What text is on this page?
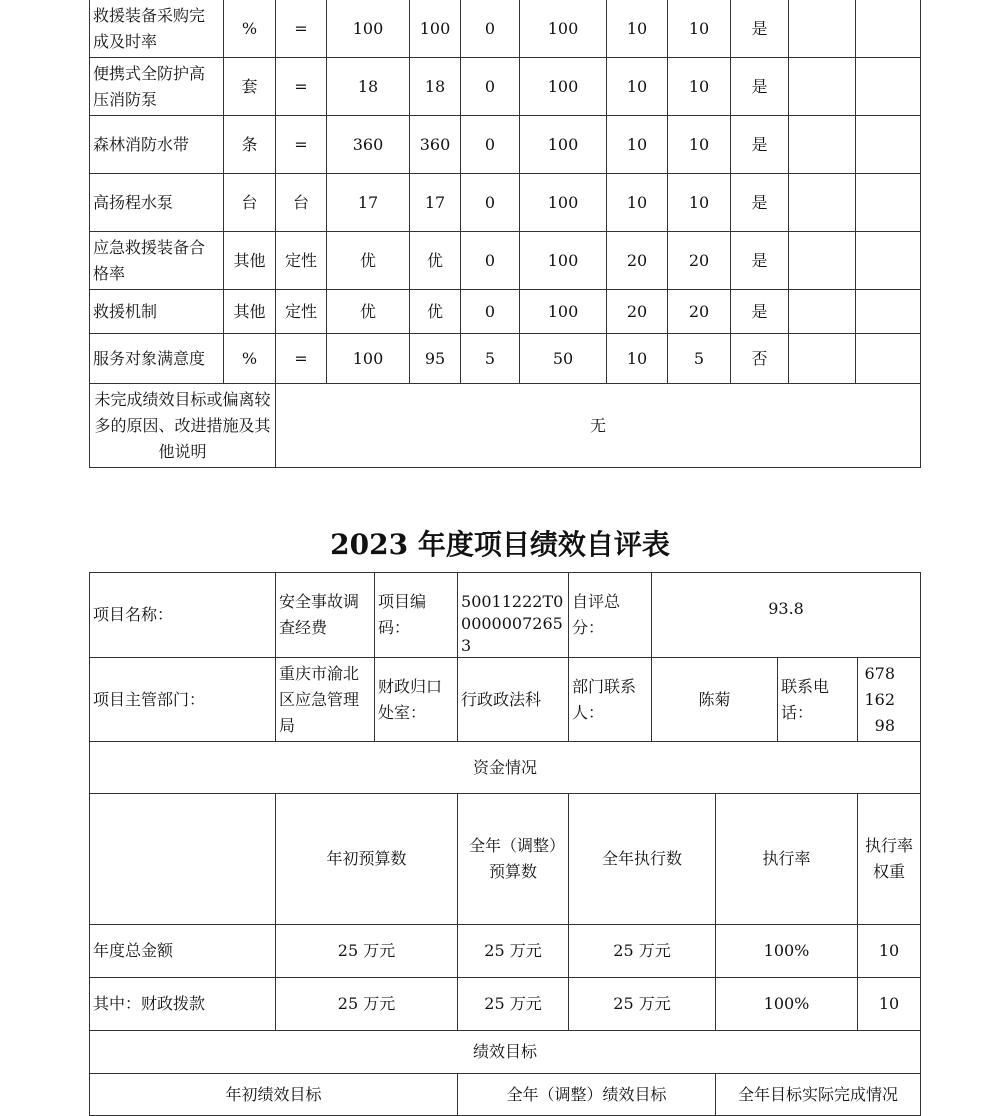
救援装备采购完成及时率	%	=	100	100	0	100	10	10	是		
便携式全防护高压消防泵	套	=	18	18	0	100	10	10	是		
森林消防水带	条	=	360	360	0	100	10	10	是		
高扬程水泵	台	台	17	17	0	100	10	10	是		
应急救援装备合格率	其他	定性	优	优	0	100	20	20	是		
救援机制	其他	定性	优	优	0	100	20	20	是		
服务对象满意度	%	=	100	95	5	50	10	5	否		
未完成绩效目标或偏离较多的原因、改进措施及其他说明		无									
2023 年度项目绩效自评表
项目名称：	安全事故调查经费	项目编码：	50011222T000000072653	自评总分：	93.8				
项目主管部门：	重庆市渝北区应急管理局	财政归口处室：	行政政法科	部门联系人：	陈菊		联系电话：	67816298	
资金情况									
	年初预算数		全年（调整）预算数	全年执行数		执行率		执行率权重	
年度总金额	25 万元		25 万元	25 万元		100%		10	
其中：财政拨款	25 万元		25 万元	25 万元		100%		10	
绩效目标									
年初绩效目标			全年（调整）绩效目标			全年目标实际完成情况			
